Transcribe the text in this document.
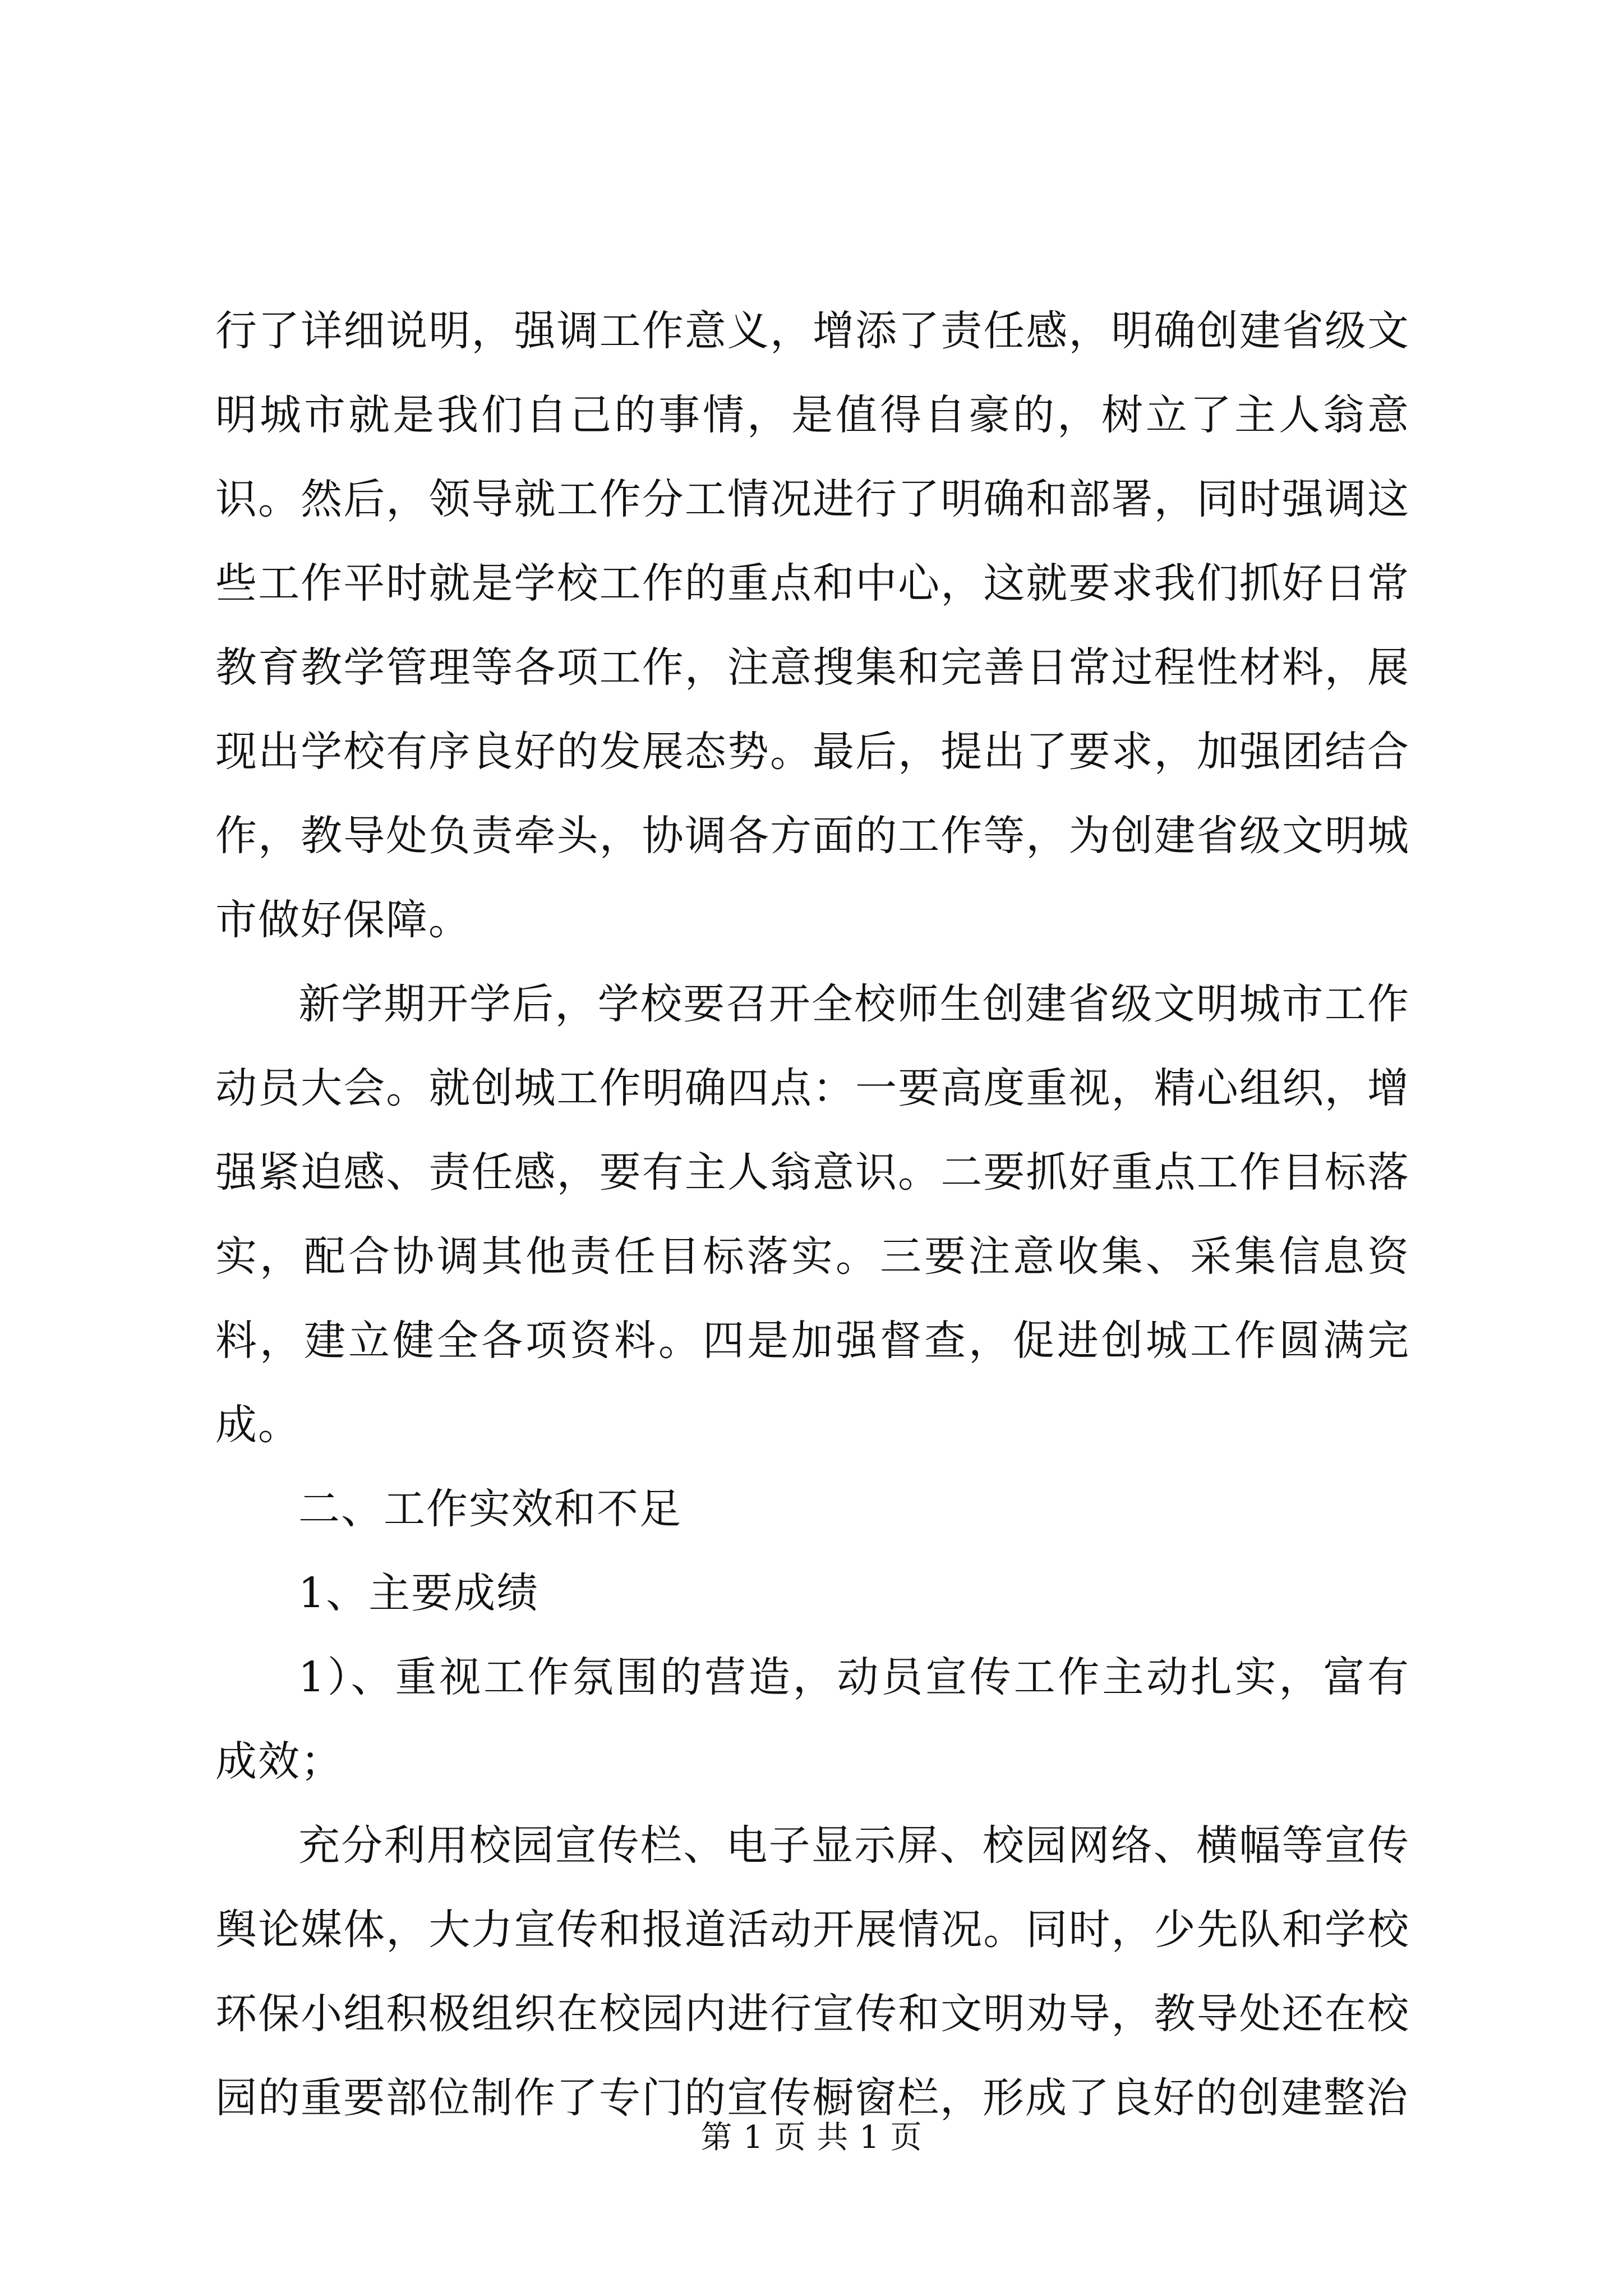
行了详细说明，强调工作意义，增添了责任感，明确创建省级文明城市就是我们自己的事情，是值得自豪的，树立了主人翁意识。然后，领导就工作分工情况进行了明确和部署，同时强调这些工作平时就是学校工作的重点和中心，这就要求我们抓好日常教育教学管理等各项工作，注意搜集和完善日常过程性材料，展现出学校有序良好的发展态势。最后，提出了要求，加强团结合作，教导处负责牵头，协调各方面的工作等，为创建省级文明城市做好保障。

新学期开学后，学校要召开全校师生创建省级文明城市工作动员大会。就创城工作明确四点：一要高度重视，精心组织，增强紧迫感、责任感，要有主人翁意识。二要抓好重点工作目标落实，配合协调其他责任目标落实。三要注意收集、采集信息资料，建立健全各项资料。四是加强督查，促进创城工作圆满完成。

二、工作实效和不足

1、主要成绩

1）、重视工作氛围的营造，动员宣传工作主动扎实，富有成效；

充分利用校园宣传栏、电子显示屏、校园网络、横幅等宣传舆论媒体，大力宣传和报道活动开展情况。同时，少先队和学校环保小组积极组织在校园内进行宣传和文明劝导，教导处还在校园的重要部位制作了专门的宣传橱窗栏，形成了良好的创建整治

第 1 页 共 1 页
